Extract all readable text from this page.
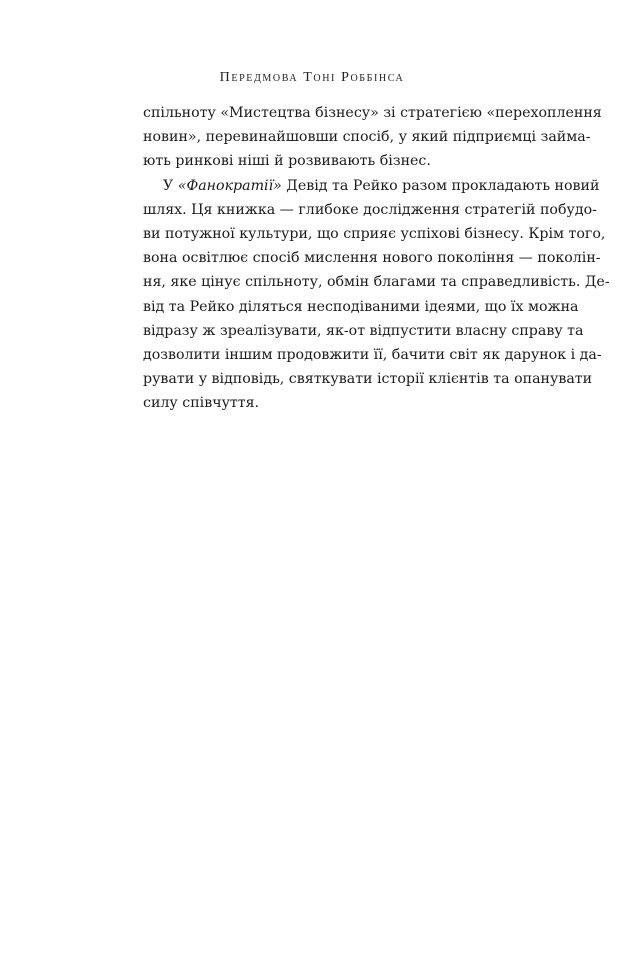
Передмова Тоні Роббінса

спільноту «Мистецтва бізнесу» зі стратегією «перехоплення
новин», перевинайшовши спосіб, у який підприємці займа-
ють ринкові ніші й розвивають бізнес.

У «Фанократії» Девід та Рейко разом прокладають новий
шлях. Ця книжка — глибоке дослідження стратегій побудо-
ви потужної культури, що сприяє успіховi бізнесу. Крім того,
вона освітлює спосіб мислення нового покоління — поколін-
ня, яке цінує спільноту, обмін благами та справедливість. Де-
від та Рейко діляться несподіваними ідеями, що їх можна
відразу ж зреалізувати, як-от відпустити власну справу та
дозволити іншим продовжити її, бачити світ як дарунок і да-
рувати у відповідь, святкувати історії клієнтів та опанувати
силу співчуття.
